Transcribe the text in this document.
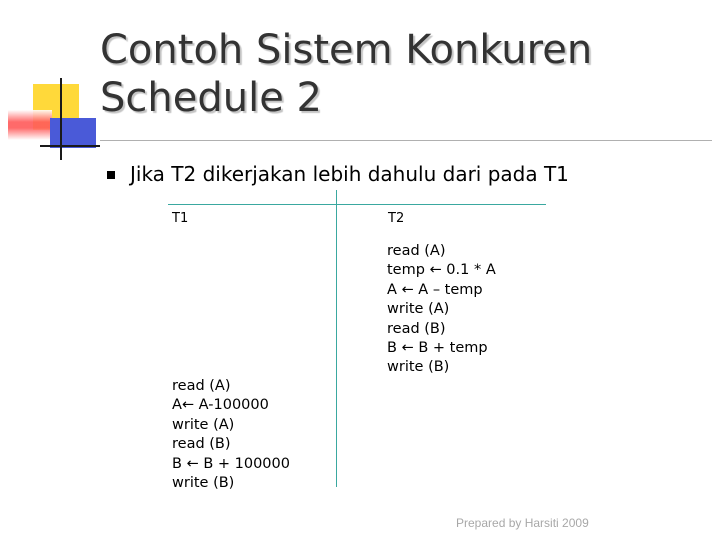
Contoh Sistem Konkuren
Schedule 2
Jika T2 dikerjakan lebih dahulu dari pada T1
T1	T2
read (A)
temp ← 0.1 * A
A ← A – temp
write (A)
read (B)
B ← B + temp
write (B)
read (A)
A← A-100000
write (A)
read (B)
B ← B + 100000
write (B)
Prepared by Harsiti 2009
